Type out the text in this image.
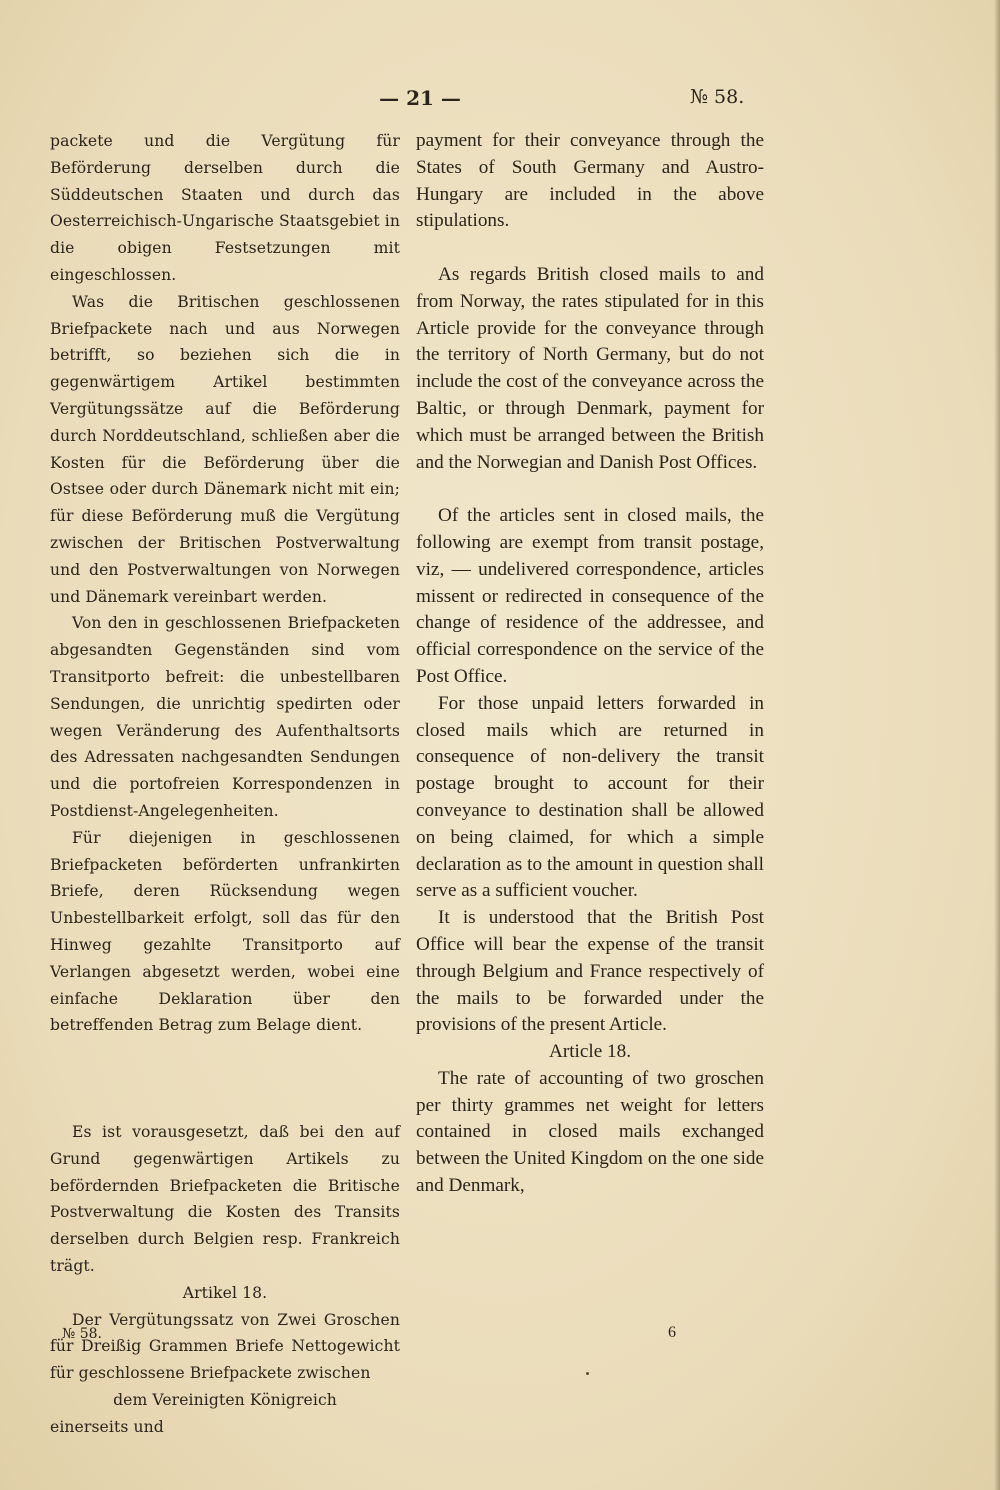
— 21 —	№ 58.

packete und die Vergütung für Beförderung derselben durch die Süddeutschen Staaten und durch das Oesterreichisch-Ungarische Staatsgebiet in die obigen Festsetzungen mit eingeschlossen.

Was die Britischen geschlossenen Briefpackete nach und aus Norwegen betrifft, so beziehen sich die in gegenwärtigem Artikel bestimmten Vergütungssätze auf die Beförderung durch Norddeutschland, schließen aber die Kosten für die Beförderung über die Ostsee oder durch Dänemark nicht mit ein; für diese Beförderung muß die Vergütung zwischen der Britischen Postverwaltung und den Postverwaltungen von Norwegen und Dänemark vereinbart werden.

Von den in geschlossenen Briefpacketen abgesandten Gegenständen sind vom Transitporto befreit: die unbestellbaren Sendungen, die unrichtig spedirten oder wegen Veränderung des Aufenthaltsorts des Adressaten nachgesandten Sendungen und die portofreien Korrespondenzen in Postdienst-Angelegenheiten.

Für diejenigen in geschlossenen Briefpacketen beförderten unfrankirten Briefe, deren Rücksendung wegen Unbestellbarkeit erfolgt, soll das für den Hinweg gezahlte Transitporto auf Verlangen abgesetzt werden, wobei eine einfache Deklaration über den betreffenden Betrag zum Belage dient.

Es ist vorausgesetzt, daß bei den auf Grund gegenwärtigen Artikels zu befördernden Briefpacketen die Britische Postverwaltung die Kosten des Transits derselben durch Belgien resp. Frankreich trägt.

Artikel 18.

Der Vergütungssatz von Zwei Groschen für Dreißig Grammen Briefe Nettogewicht für geschlossene Briefpackete zwischen

dem Vereinigten Königreich

einerseits und

payment for their conveyance through the States of South Germany and Austro-Hungary are included in the above stipulations.

As regards British closed mails to and from Norway, the rates stipulated for in this Article provide for the conveyance through the territory of North Germany, but do not include the cost of the conveyance across the Baltic, or through Denmark, payment for which must be arranged between the British and the Norwegian and Danish Post Offices.

Of the articles sent in closed mails, the following are exempt from transit postage, viz, — undelivered correspondence, articles missent or redirected in consequence of the change of residence of the addressee, and official correspondence on the service of the Post Office.

For those unpaid letters forwarded in closed mails which are returned in consequence of non-delivery the transit postage brought to account for their conveyance to destination shall be allowed on being claimed, for which a simple declaration as to the amount in question shall serve as a sufficient voucher.

It is understood that the British Post Office will bear the expense of the transit through Belgium and France respectively of the mails to be forwarded under the provisions of the present Article.

Article 18.

The rate of accounting of two groschen per thirty grammes net weight for letters contained in closed mails exchanged between the United Kingdom on the one side and Denmark,

№ 58.	6
